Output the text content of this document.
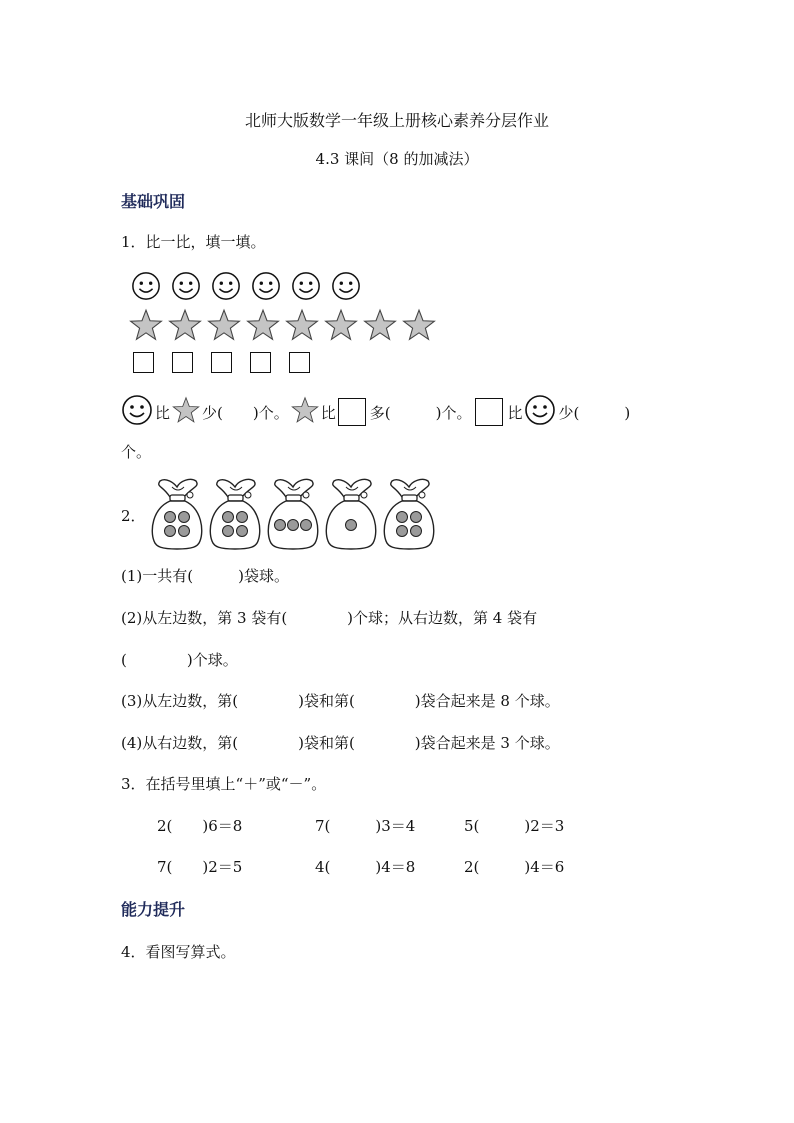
北师大版数学一年级上册核心素养分层作业
4.3 课间（8 的加减法）
基础巩固
1．比一比，填一填。
比 少(　　)个。 比 多(　　　)个。 比 少(　　　)
个。
2．
(1)一共有(　　　)袋球。
(2)从左边数，第 3 袋有(　　　　)个球；从右边数，第 4 袋有
(　　　　)个球。
(3)从左边数，第(　　　　)袋和第(　　　　)袋合起来是 8 个球。
(4)从右边数，第(　　　　)袋和第(　　　　)袋合起来是 3 个球。
3．在括号里填上“＋”或“－”。
2(　　)6＝8	7(　　　)3＝4	5(　　　)2＝3
7(　　)2＝5	4(　　　)4＝8	2(　　　)4＝6
能力提升
4．看图写算式。
